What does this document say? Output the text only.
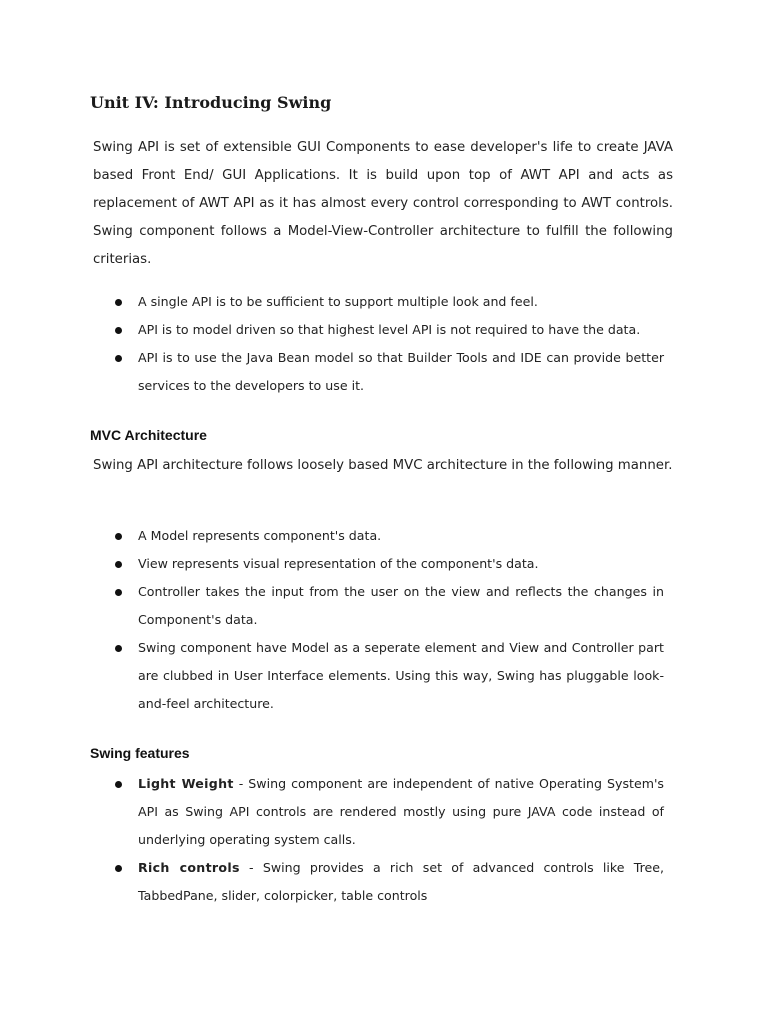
Unit IV: Introducing Swing
Swing API is set of extensible GUI Components to ease developer's life to create JAVA based Front End/ GUI Applications. It is build upon top of AWT API and acts as replacement of AWT API as it has almost every control corresponding to AWT controls. Swing component follows a Model-View-Controller architecture to fulfill the following criterias.
A single API is to be sufficient to support multiple look and feel.
API is to model driven so that highest level API is not required to have the data.
API is to use the Java Bean model so that Builder Tools and IDE can provide better services to the developers to use it.
MVC Architecture
Swing API architecture follows loosely based MVC architecture in the following manner.
A Model represents component's data.
View represents visual representation of the component's data.
Controller takes the input from the user on the view and reflects the changes in Component's data.
Swing component have Model as a seperate element and View and Controller part are clubbed in User Interface elements. Using this way, Swing has pluggable look-and-feel architecture.
Swing features
Light Weight - Swing component are independent of native Operating System's API as Swing API controls are rendered mostly using pure JAVA code instead of underlying operating system calls.
Rich controls - Swing provides a rich set of advanced controls like Tree, TabbedPane, slider, colorpicker, table controls
